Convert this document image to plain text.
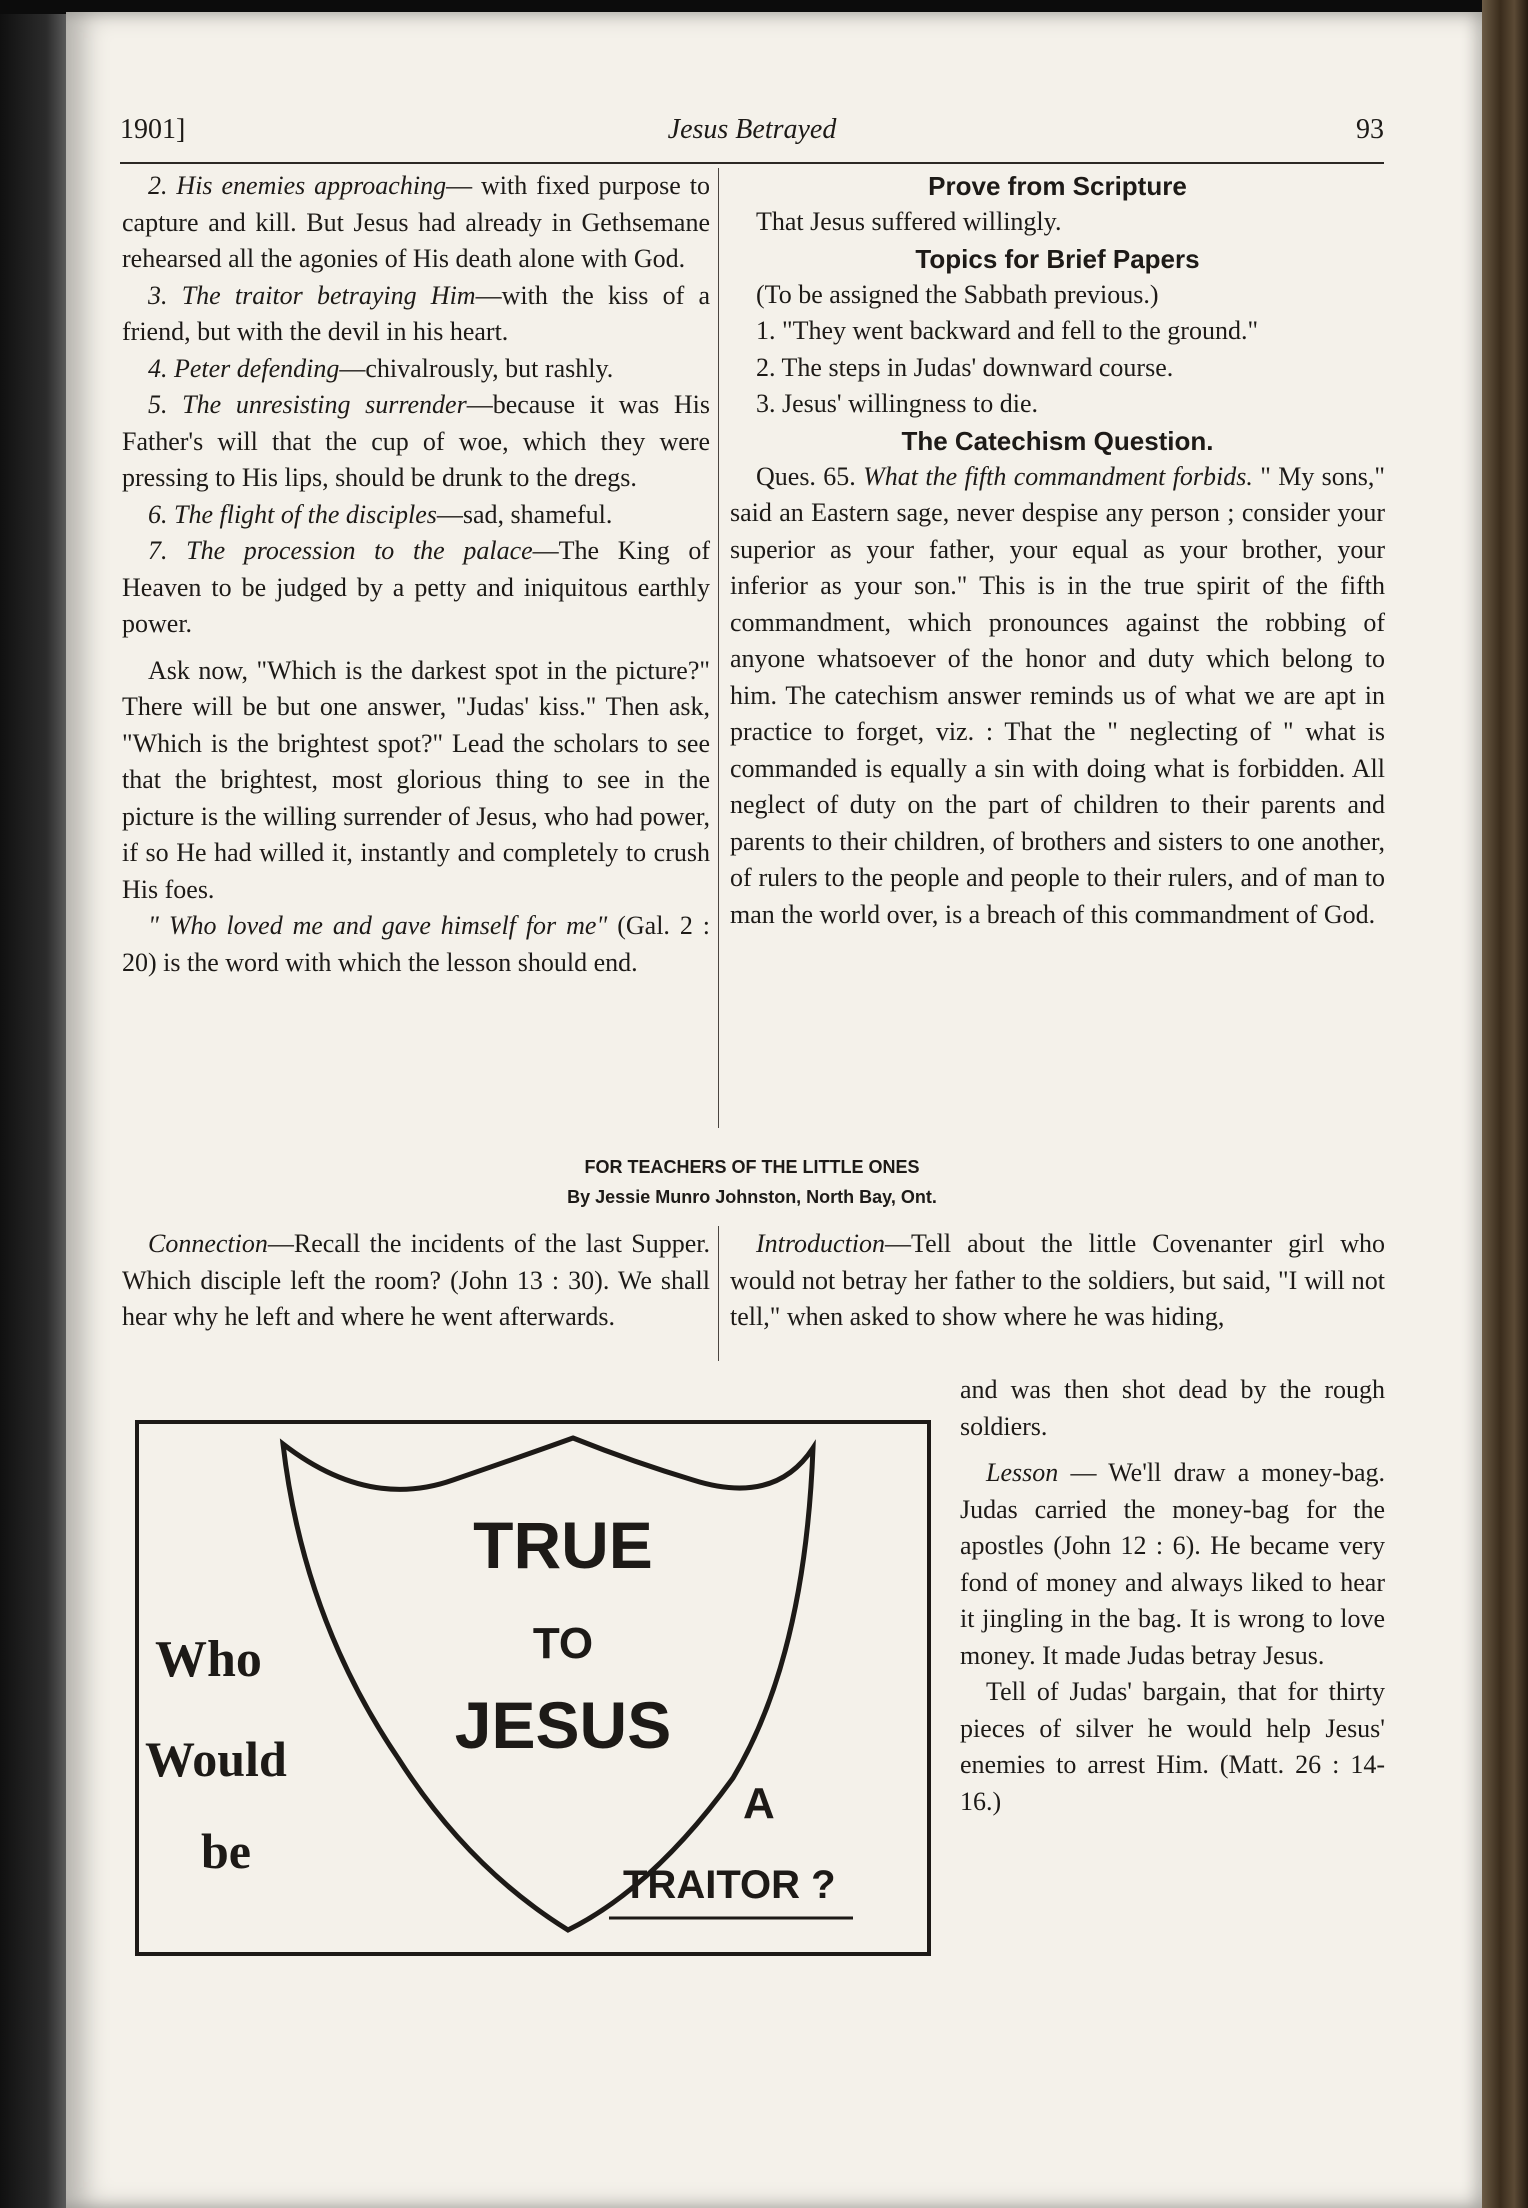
1901]	Jesus Betrayed	93

2. His enemies approaching— with fixed purpose to capture and kill. But Jesus had already in Gethsemane rehearsed all the agonies of His death alone with God.

3. The traitor betraying Him—with the kiss of a friend, but with the devil in his heart.

4. Peter defending—chivalrously, but rashly.

5. The unresisting surrender—because it was His Father's will that the cup of woe, which they were pressing to His lips, should be drunk to the dregs.

6. The flight of the disciples—sad, shameful.

7. The procession to the palace—The King of Heaven to be judged by a petty and iniquitous earthly power.

Ask now, "Which is the darkest spot in the picture?" There will be but one answer, "Judas' kiss." Then ask, "Which is the brightest spot?" Lead the scholars to see that the brightest, most glorious thing to see in the picture is the willing surrender of Jesus, who had power, if so He had willed it, instantly and completely to crush His foes.

" Who loved me and gave himself for me" (Gal. 2 : 20) is the word with which the lesson should end.

Prove from Scripture

That Jesus suffered willingly.

Topics for Brief Papers

(To be assigned the Sabbath previous.)

1. "They went backward and fell to the ground."

2. The steps in Judas' downward course.

3. Jesus' willingness to die.

The Catechism Question.

Ques. 65. What the fifth commandment forbids. " My sons," said an Eastern sage, never despise any person ; consider your superior as your father, your equal as your brother, your inferior as your son." This is in the true spirit of the fifth commandment, which pronounces against the robbing of anyone whatsoever of the honor and duty which belong to him. The catechism answer reminds us of what we are apt in practice to forget, viz. : That the " neglecting of " what is commanded is equally a sin with doing what is forbidden. All neglect of duty on the part of children to their parents and parents to their children, of brothers and sisters to one another, of rulers to the people and people to their rulers, and of man to man the world over, is a breach of this commandment of God.

FOR TEACHERS OF THE LITTLE ONES
By Jessie Munro Johnston, North Bay, Ont.

Connection—Recall the incidents of the last Supper. Which disciple left the room? (John 13 : 30). We shall hear why he left and where he went afterwards.

Introduction—Tell about the little Covenanter girl who would not betray her father to the soldiers, but said, "I will not tell," when asked to show where he was hiding,

and was then shot dead by the rough soldiers.

Lesson — We'll draw a money-bag. Judas carried the money-bag for the apostles (John 12 : 6). He became very fond of money and always liked to hear it jingling in the bag. It is wrong to love money. It made Judas betray Jesus.

Tell of Judas' bargain, that for thirty pieces of silver he would help Jesus' enemies to arrest Him. (Matt. 26 : 14-16.)

TRUE
TO
JESUS
Who
Would
be
A
TRAITOR ?
